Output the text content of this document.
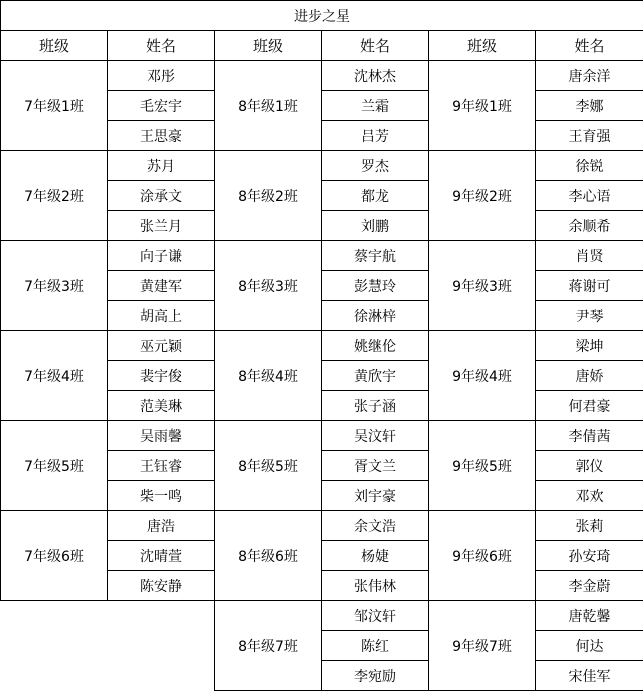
进步之星					
班级	姓名	班级	姓名	班级	姓名
7年级1班	邓彤	8年级1班	沈林杰	9年级1班	唐余洋
	毛宏宇		兰霜		李娜
	王思豪		吕芳		王育强
7年级2班	苏月	8年级2班	罗杰	9年级2班	徐锐
	涂承文		都龙		李心语
	张兰月		刘鹏		余顺希
7年级3班	向子谦	8年级3班	蔡宇航	9年级3班	肖贤
	黄建军		彭慧玲		蒋谢可
	胡高上		徐淋梓		尹琴
7年级4班	巫元颖	8年级4班	姚继伦	9年级4班	梁坤
	裴宇俊		黄欣宇		唐娇
	范美琳		张子涵		何君豪
7年级5班	吴雨馨	8年级5班	吴汶轩	9年级5班	李倩茜
	王钰睿		胥文兰		郭仪
	柴一鸣		刘宇豪		邓欢
7年级6班	唐浩	8年级6班	余文浩	9年级6班	张莉
	沈晴萱		杨婕		孙安琦
	陈安静		张伟林		李金蔚
		8年级7班	邹汶轩	9年级7班	唐乾馨
			陈红		何达
			李宛励		宋佳军
